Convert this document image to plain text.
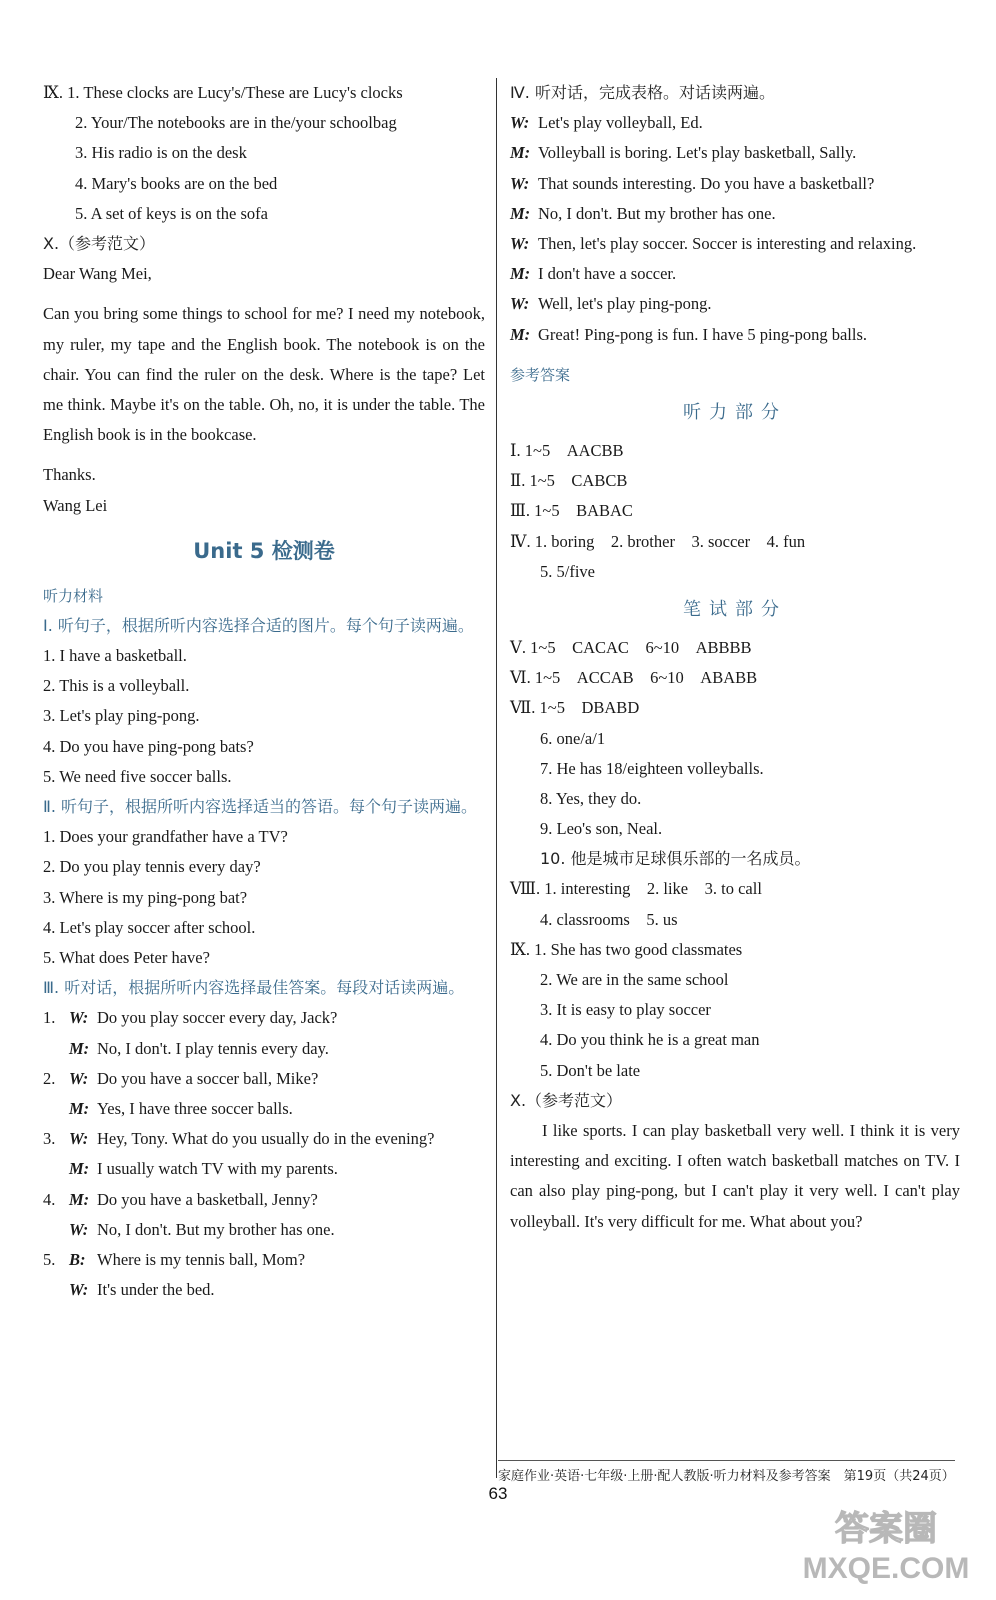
Ⅸ. 1. These clocks are Lucy's/These are Lucy's clocks
2. Your/The notebooks are in the/your schoolbag
3. His radio is on the desk
4. Mary's books are on the bed
5. A set of keys is on the sofa
Ⅹ.（参考范文）
Dear Wang Mei,
Can you bring some things to school for me? I need my notebook, my ruler, my tape and the English book. The notebook is on the chair. You can find the ruler on the desk. Where is the tape? Let me think. Maybe it's on the table. Oh, no, it is under the table. The English book is in the bookcase.
Thanks.
Wang Lei
Unit 5 检测卷
听力材料
Ⅰ. 听句子，根据所听内容选择合适的图片。每个句子读两遍。
1. I have a basketball.
2. This is a volleyball.
3. Let's play ping-pong.
4. Do you have ping-pong bats?
5. We need five soccer balls.
Ⅱ. 听句子，根据所听内容选择适当的答语。每个句子读两遍。
1. Does your grandfather have a TV?
2. Do you play tennis every day?
3. Where is my ping-pong bat?
4. Let's play soccer after school.
5. What does Peter have?
Ⅲ. 听对话，根据所听内容选择最佳答案。每段对话读两遍。
1. W: Do you play soccer every day, Jack?
M: No, I don't. I play tennis every day.
2. W: Do you have a soccer ball, Mike?
M: Yes, I have three soccer balls.
3. W: Hey, Tony. What do you usually do in the evening?
M: I usually watch TV with my parents.
4. M: Do you have a basketball, Jenny?
W: No, I don't. But my brother has one.
5. B: Where is my tennis ball, Mom?
W: It's under the bed.
Ⅳ. 听对话，完成表格。对话读两遍。
W: Let's play volleyball, Ed.
M: Volleyball is boring. Let's play basketball, Sally.
W: That sounds interesting. Do you have a basketball?
M: No, I don't. But my brother has one.
W: Then, let's play soccer. Soccer is interesting and relaxing.
M: I don't have a soccer.
W: Well, let's play ping-pong.
M: Great! Ping-pong is fun. I have 5 ping-pong balls.
参考答案
听力部分
Ⅰ. 1~5　AACBB
Ⅱ. 1~5　CABCB
Ⅲ. 1~5　BABAC
Ⅳ. 1. boring　2. brother　3. soccer　4. fun
5. 5/five
笔试部分
Ⅴ. 1~5　CACAC　6~10　ABBBB
Ⅵ. 1~5　ACCAB　6~10　ABABB
Ⅶ. 1~5　DBABD
6. one/a/1
7. He has 18/eighteen volleyballs.
8. Yes, they do.
9. Leo's son, Neal.
10. 他是城市足球俱乐部的一名成员。
Ⅷ. 1. interesting　2. like　3. to call
4. classrooms　5. us
Ⅸ. 1. She has two good classmates
2. We are in the same school
3. It is easy to play soccer
4. Do you think he is a great man
5. Don't be late
Ⅹ.（参考范文）
I like sports. I can play basketball very well. I think it is very interesting and exciting. I often watch basketball matches on TV. I can also play ping-pong, but I can't play it very well. I can't play volleyball. It's very difficult for me. What about you?
家庭作业·英语·七年级·上册·配人教版·听力材料及参考答案　第19页（共24页）
63
答案圈
MXQE.COM
